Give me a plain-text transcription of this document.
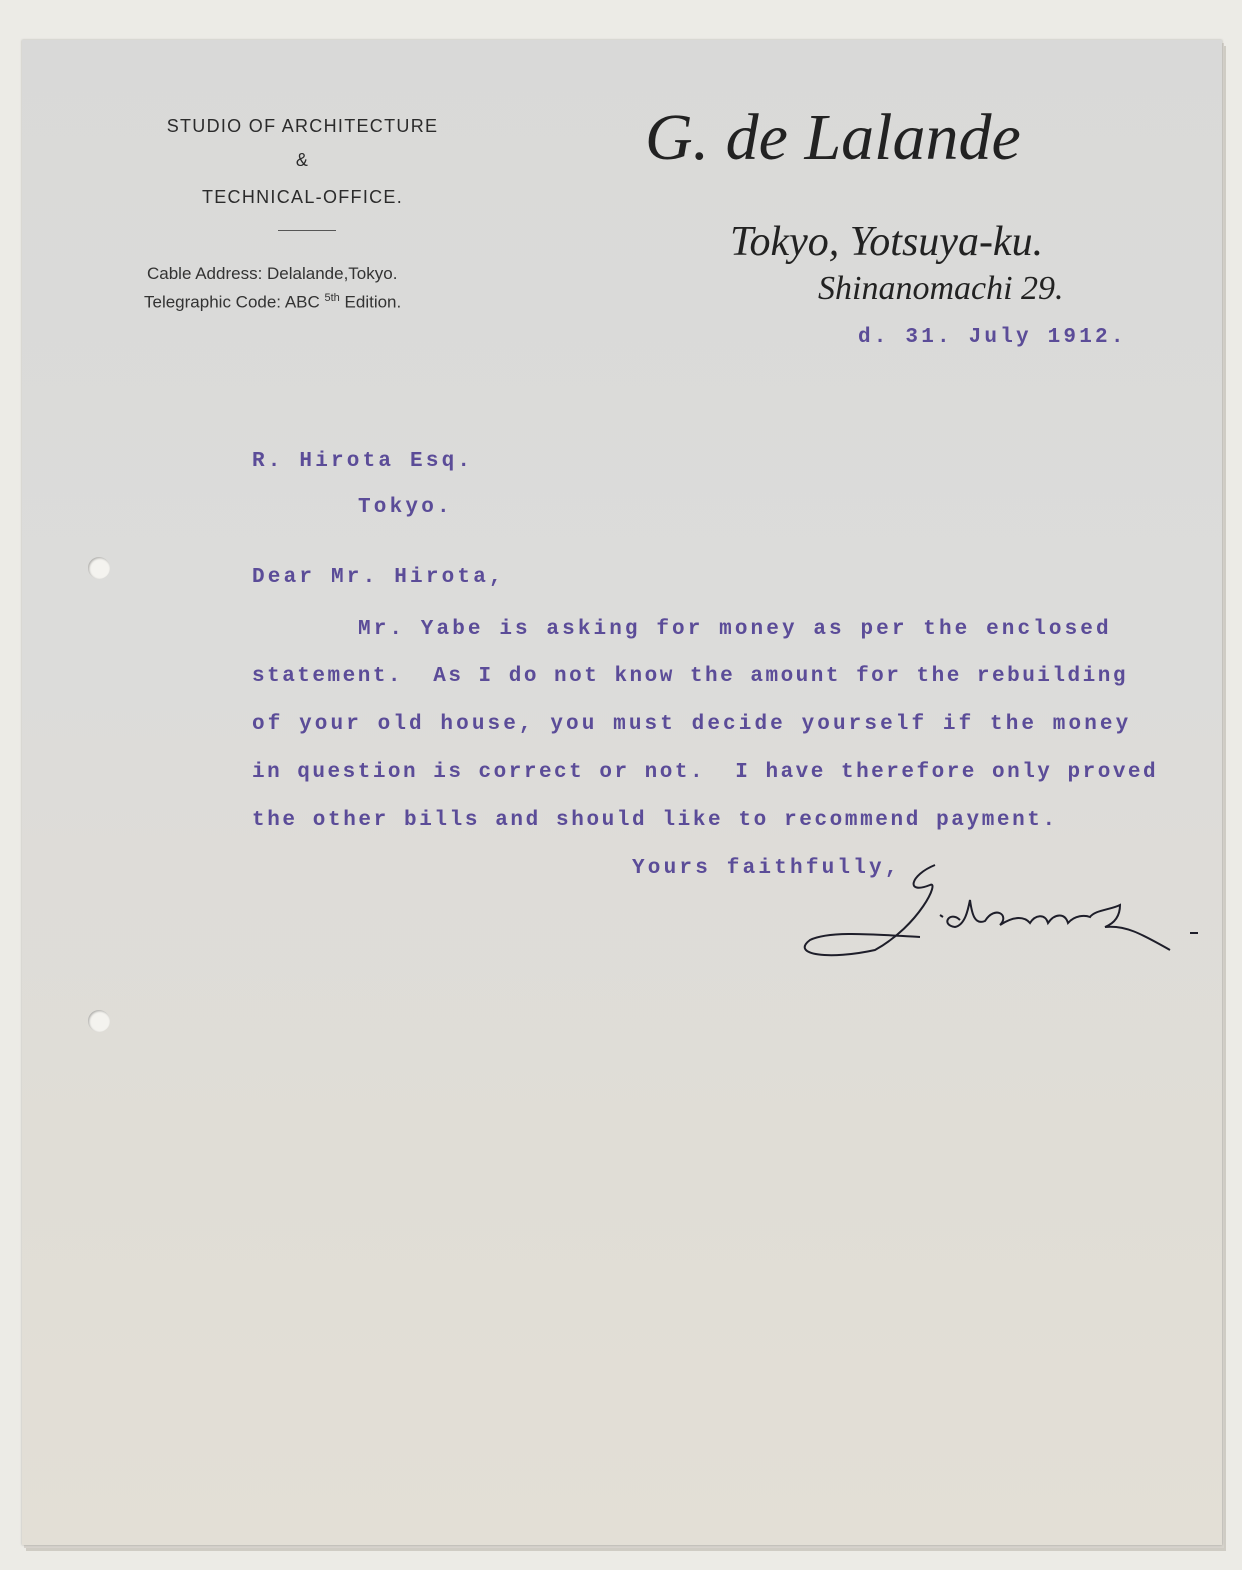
STUDIO OF ARCHITECTURE
&
TECHNICAL-OFFICE.
Cable Address: Delalande,Tokyo.
Telegraphic Code: ABC $^{5th}$ Edition.
G. de Lalande
Tokyo, Yotsuya-ku.
Shinanomachi 29.
d. 31. July 1912.
R. Hirota Esq.
Tokyo.
Dear Mr. Hirota,
Mr. Yabe is asking for money as per the enclosed
statement.  As I do not know the amount for the rebuilding
of your old house, you must decide yourself if the money
in question is correct or not.  I have therefore only proved
the other bills and should like to recommend payment.
Yours faithfully,
